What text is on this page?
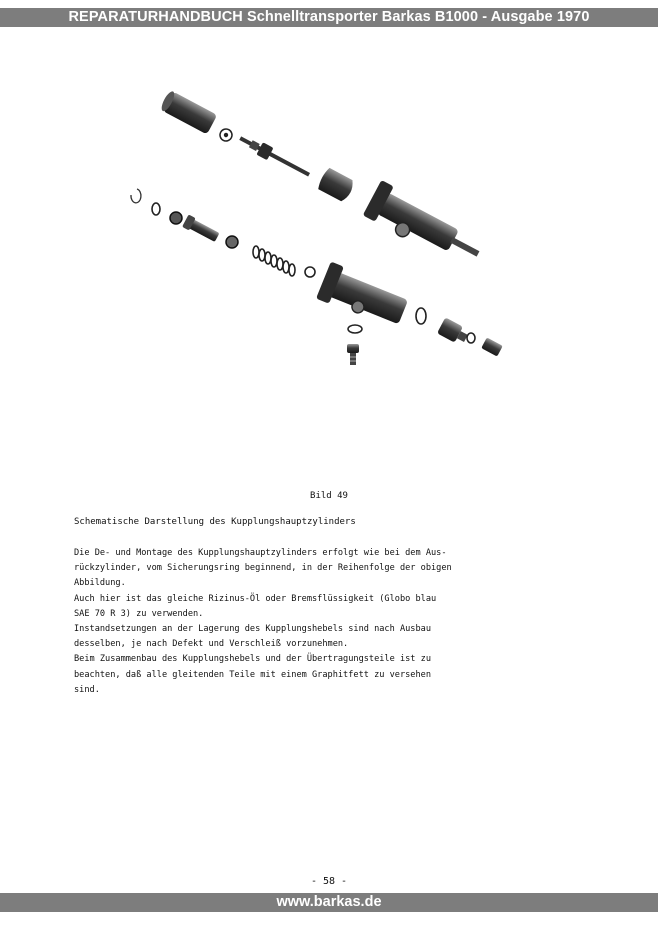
REPARATURHANDBUCH Schnelltransporter Barkas B1000 - Ausgabe 1970
Bild 49
Schematische Darstellung des Kupplungshauptzylinders
Die De- und Montage des Kupplungshauptzylinders erfolgt wie bei dem Aus-
rückzylinder, vom Sicherungsring beginnend, in der Reihenfolge der obigen
Abbildung.
Auch hier ist das gleiche Rizinus-Öl oder Bremsflüssigkeit (Globo blau
SAE 70 R 3) zu verwenden.
Instandsetzungen an der Lagerung des Kupplungshebels sind nach Ausbau
desselben, je nach Defekt und Verschleiß vorzunehmen.
Beim Zusammenbau des Kupplungshebels und der Übertragungsteile ist zu
beachten, daß alle gleitenden Teile mit einem Graphitfett zu versehen
sind.
- 58 -
www.barkas.de
